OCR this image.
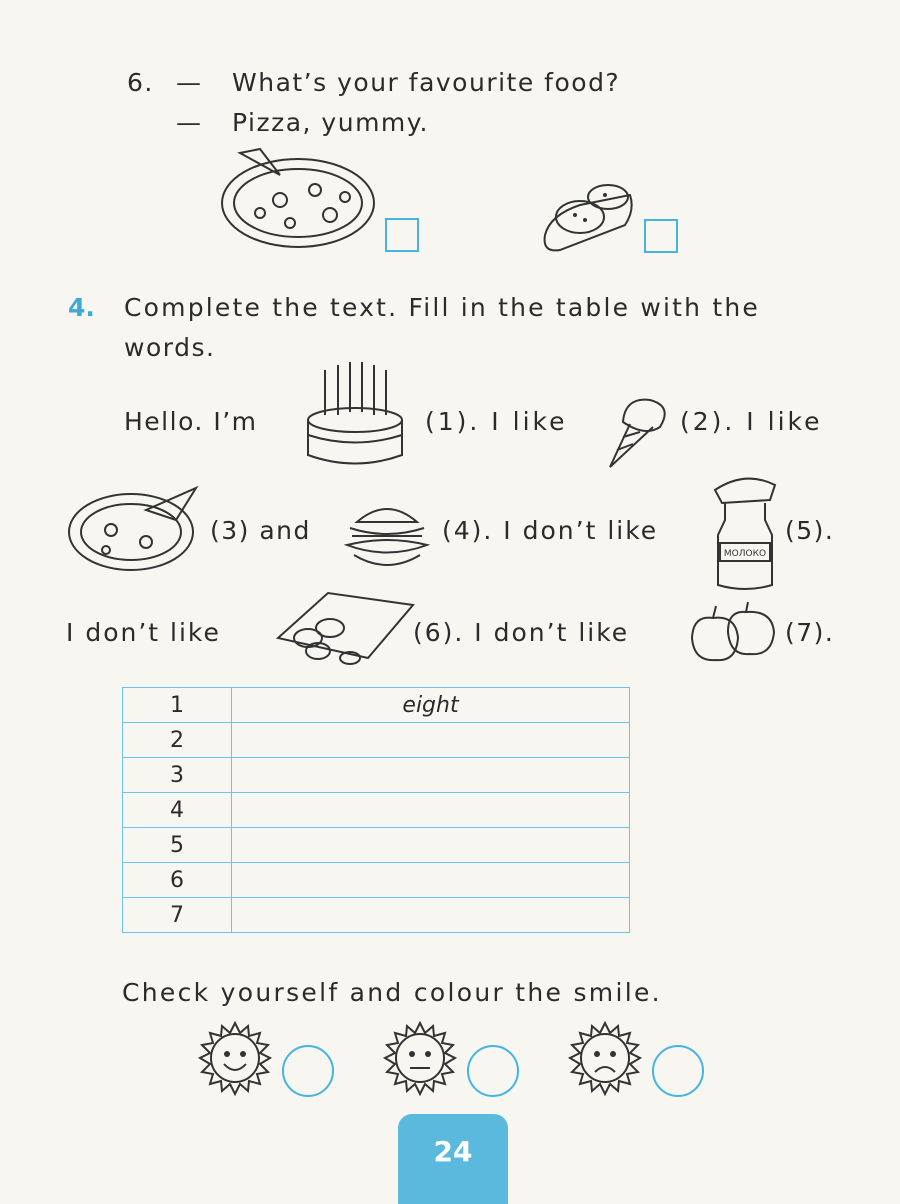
6. — What’s your favourite food?
— Pizza, yummy.
4. Complete the text. Fill in the table with the
words.
Hello. I’m	(1). I like	(2). I like
(3) and	(4). I don’t like
МОЛОКО
(5).
I don’t like	(6). I don’t like	(7).
1	eight
2	
3	
4	
5	
6	
7	
Check yourself and colour the smile.
24
